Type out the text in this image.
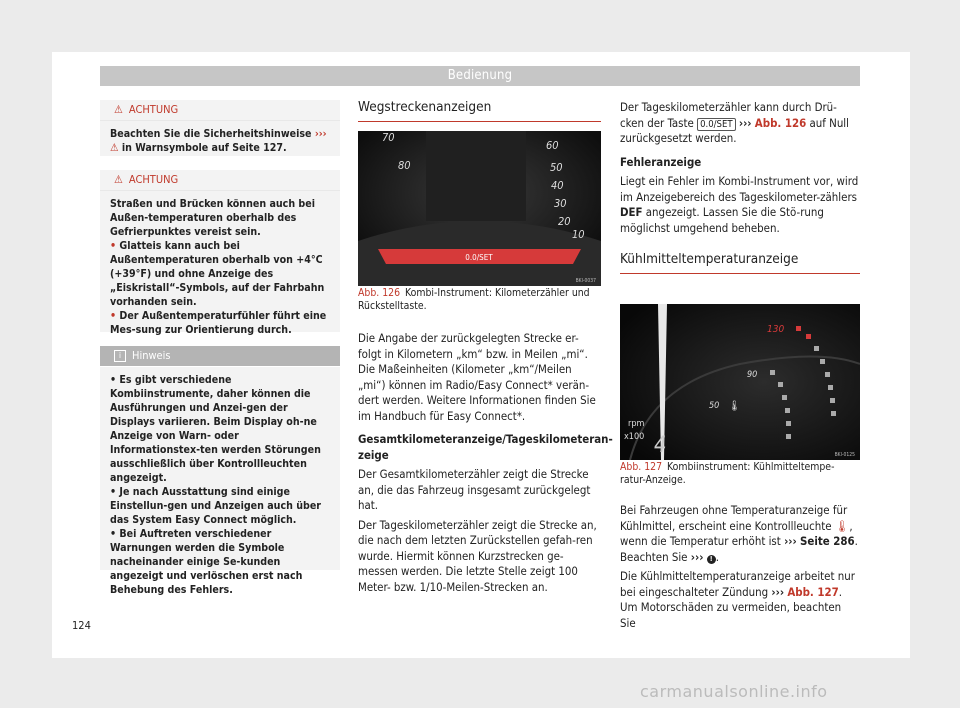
Bedienung
⚠ ACHTUNG
Beachten Sie die Sicherheitshinweise ››› ⚠ in Warnsymbole auf Seite 127.
⚠ ACHTUNG

Straßen und Brücken können auch bei Außen-temperaturen oberhalb des Gefrierpunktes vereist sein.

• Glatteis kann auch bei Außentemperaturen oberhalb von +4°C (+39°F) und ohne Anzeige des „Eiskristall“-Symbols, auf der Fahrbahn vorhanden sein.

• Der Außentemperaturfühler führt eine Mes-sung zur Orientierung durch.

i	Hinweis

• Es gibt verschiedene Kombiinstrumente, daher können die Ausführungen und Anzei-gen der Displays variieren. Beim Display oh-ne Anzeige von Warn- oder Informationstex-ten werden Störungen ausschließlich über Kontrollleuchten angezeigt.

• Je nach Ausstattung sind einige Einstellun-gen und Anzeigen auch über das System Easy Connect möglich.

• Bei Auftreten verschiedener Warnungen werden die Symbole nacheinander einige Se-kunden angezeigt und verlöschen erst nach Behebung des Fehlers.

Wegstreckenanzeigen
70
80
60
50
40
30
20
10
0.0/SET
BKI-0037

Abb. 126 Kombi-Instrument: Kilometerzähler und Rückstelltaste.

Die Angabe der zurückgelegten Strecke er-folgt in Kilometern „km“ bzw. in Meilen „mi“. Die Maßeinheiten (Kilometer „km“/Meilen „mi“) können im Radio/Easy Connect* verän-dert werden. Weitere Informationen finden Sie im Handbuch für Easy Connect*.

Gesamtkilometeranzeige/Tageskilometeran-zeige

Der Gesamtkilometerzähler zeigt die Strecke an, die das Fahrzeug insgesamt zurückgelegt hat.

Der Tageskilometerzähler zeigt die Strecke an, die nach dem letzten Zurückstellen gefah-ren wurde. Hiermit können Kurzstrecken ge-messen werden. Die letzte Stelle zeigt 100 Meter- bzw. 1/10-Meilen-Strecken an.

Der Tageskilometerzähler kann durch Drü-cken der Taste 0.0/SET ››› Abb. 126 auf Null zurückgesetzt werden.

Fehleranzeige

Liegt ein Fehler im Kombi-Instrument vor, wird im Anzeigebereich des Tageskilometer-zählers DEF angezeigt. Lassen Sie die Stö-rung möglichst umgehend beheben.

Kühlmitteltemperaturanzeige
130
90
50 🌡
rpm
x100 4	BKI-0125

Abb. 127 Kombiinstrument: Kühlmitteltempe-ratur-Anzeige.

Bei Fahrzeugen ohne Temperaturanzeige für Kühlmittel, erscheint eine Kontrollleuchte 🌡, wenn die Temperatur erhöht ist ››› Seite 286. Beachten Sie ››› ! .

Die Kühlmitteltemperaturanzeige arbeitet nur bei eingeschalteter Zündung ››› Abb. 127. Um Motorschäden zu vermeiden, beachten Sie

124
carmanualsonline.info
